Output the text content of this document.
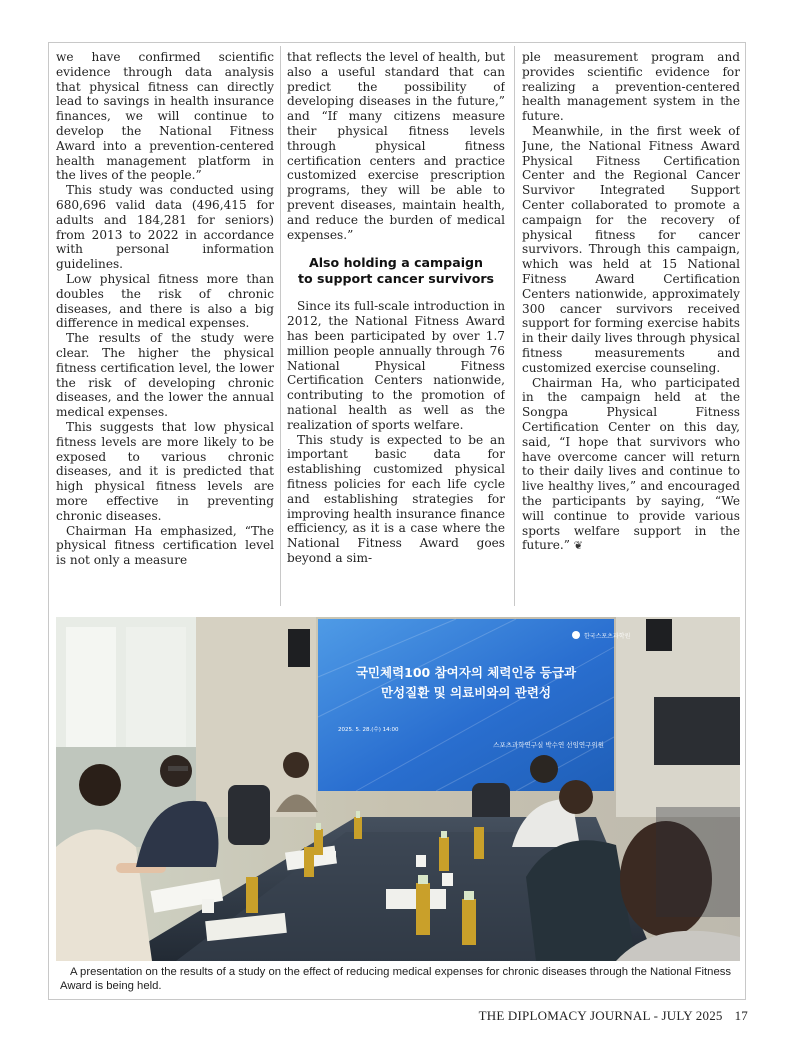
we have confirmed scientific evidence through data analysis that physical fitness can directly lead to savings in health insurance finances, we will continue to develop the National Fitness Award into a prevention-centered health management platform in the lives of the people.”

This study was conducted using 680,696 valid data (496,415 for adults and 184,281 for seniors) from 2013 to 2022 in accordance with personal information guidelines.

Low physical fitness more than doubles the risk of chronic diseases, and there is also a big difference in medical expenses.

The results of the study were clear. The higher the physical fitness certification level, the lower the risk of developing chronic diseases, and the lower the annual medical expenses.

This suggests that low physical fitness levels are more likely to be exposed to various chronic diseases, and it is predicted that high physical fitness levels are more effective in preventing chronic diseases.

Chairman Ha emphasized, “The physical fitness certification level is not only a measure

that reflects the level of health, but also a useful standard that can predict the possibility of developing diseases in the future,” and “If many citizens measure their physical fitness levels through physical fitness certification centers and practice customized exercise prescription programs, they will be able to prevent diseases, maintain health, and reduce the burden of medical expenses.”

Also holding a campaign
to support cancer survivors

Since its full-scale introduction in 2012, the National Fitness Award has been participated by over 1.7 million people annually through 76 National Physical Fitness Certification Centers nationwide, contributing to the promotion of national health as well as the realization of sports welfare.

This study is expected to be an important basic data for establishing customized physical fitness policies for each life cycle and establishing strategies for improving health insurance finance efficiency, as it is a case where the National Fitness Award goes beyond a sim-

ple measurement program and provides scientific evidence for realizing a prevention-centered health management system in the future.

Meanwhile, in the first week of June, the National Fitness Award Physical Fitness Certification Center and the Regional Cancer Survivor Integrated Support Center collaborated to promote a campaign for the recovery of physical fitness for cancer survivors. Through this campaign, which was held at 15 National Fitness Award Certification Centers nationwide, approximately 300 cancer survivors received support for forming exercise habits in their daily lives through physical fitness measurements and customized exercise counseling.

Chairman Ha, who participated in the campaign held at the Songpa Physical Fitness Certification Center on this day, said, “I hope that survivors who have overcome cancer will return to their daily lives and continue to live healthy lives,” and encouraged the participants by saying, “We will continue to provide various sports welfare support in the future.” ❦

한국스포츠과학원
국민체력100 참여자의 체력인증 등급과
만성질환 및 의료비와의 관련성
2025. 5. 28.(수) 14:00
스포츠과학연구실 박수연 선임연구위원
A presentation on the results of a study on the effect of reducing medical expenses for chronic diseases through the National Fitness Award is being held.
THE DIPLOMACY JOURNAL - JULY 2025 17
